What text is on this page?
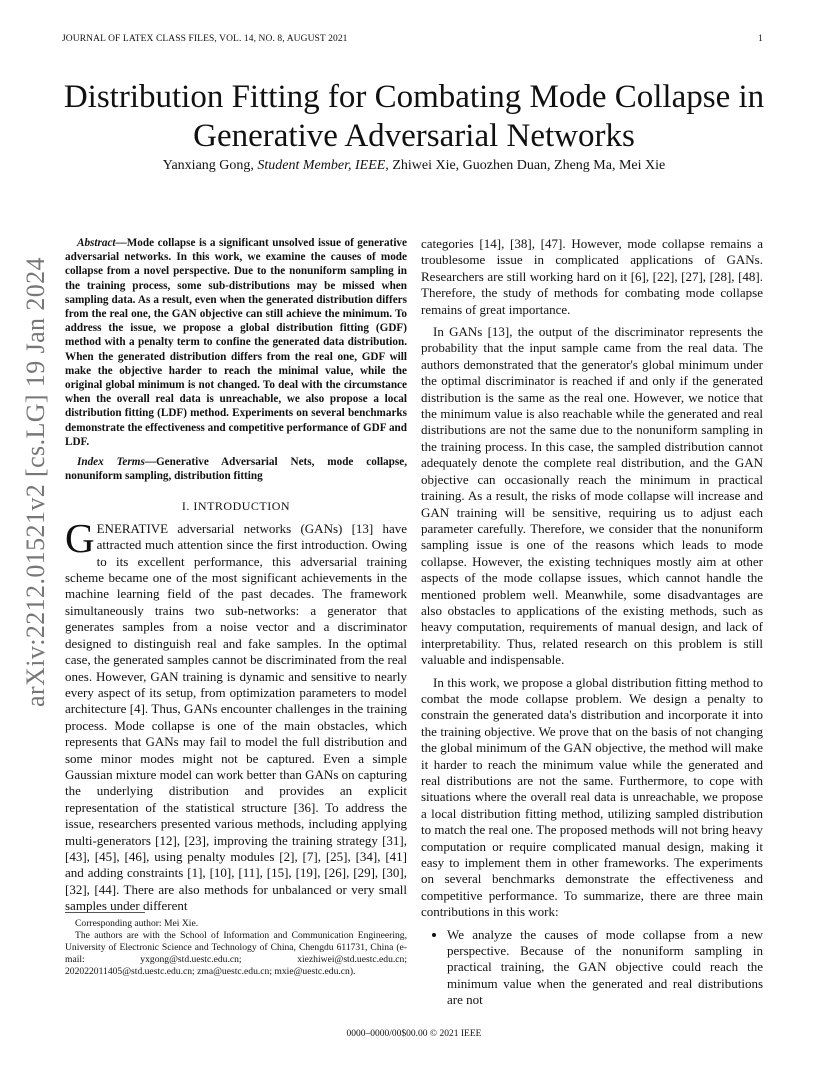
JOURNAL OF LATEX CLASS FILES, VOL. 14, NO. 8, AUGUST 2021	1
Distribution Fitting for Combating Mode Collapse in Generative Adversarial Networks
Yanxiang Gong, Student Member, IEEE, Zhiwei Xie, Guozhen Duan, Zheng Ma, Mei Xie
arXiv:2212.01521v2 [cs.LG] 19 Jan 2024

Abstract—Mode collapse is a significant unsolved issue of generative adversarial networks. In this work, we examine the causes of mode collapse from a novel perspective. Due to the nonuniform sampling in the training process, some sub-distributions may be missed when sampling data. As a result, even when the generated distribution differs from the real one, the GAN objective can still achieve the minimum. To address the issue, we propose a global distribution fitting (GDF) method with a penalty term to confine the generated data distribution. When the generated distribution differs from the real one, GDF will make the objective harder to reach the minimal value, while the original global minimum is not changed. To deal with the circumstance when the overall real data is unreachable, we also propose a local distribution fitting (LDF) method. Experiments on several benchmarks demonstrate the effectiveness and competitive performance of GDF and LDF.

Index Terms—Generative Adversarial Nets, mode collapse, nonuniform sampling, distribution fitting

I. INTRODUCTION

GENERATIVE adversarial networks (GANs) [13] have attracted much attention since the first introduction. Owing to its excellent performance, this adversarial training scheme became one of the most significant achievements in the machine learning field of the past decades. The framework simultaneously trains two sub-networks: a generator that generates samples from a noise vector and a discriminator designed to distinguish real and fake samples. In the optimal case, the generated samples cannot be discriminated from the real ones. However, GAN training is dynamic and sensitive to nearly every aspect of its setup, from optimization parameters to model architecture [4]. Thus, GANs encounter challenges in the training process. Mode collapse is one of the main obstacles, which represents that GANs may fail to model the full distribution and some minor modes might not be captured. Even a simple Gaussian mixture model can work better than GANs on capturing the underlying distribution and provides an explicit representation of the statistical structure [36]. To address the issue, researchers presented various methods, including applying multi-generators [12], [23], improving the training strategy [31], [43], [45], [46], using penalty modules [2], [7], [25], [34], [41] and adding constraints [1], [10], [11], [15], [19], [26], [29], [30], [32], [44]. There are also methods for unbalanced or very small samples under different

Corresponding author: Mei Xie.

The authors are with the School of Information and Communication Engineering, University of Electronic Science and Technology of China, Chengdu 611731, China (e-mail: yxgong@std.uestc.edu.cn; xiezhiwei@std.uestc.edu.cn; 202022011405@std.uestc.edu.cn; zma@uestc.edu.cn; mxie@uestc.edu.cn).

categories [14], [38], [47]. However, mode collapse remains a troublesome issue in complicated applications of GANs. Researchers are still working hard on it [6], [22], [27], [28], [48]. Therefore, the study of methods for combating mode collapse remains of great importance.

In GANs [13], the output of the discriminator represents the probability that the input sample came from the real data. The authors demonstrated that the generator's global minimum under the optimal discriminator is reached if and only if the generated distribution is the same as the real one. However, we notice that the minimum value is also reachable while the generated and real distributions are not the same due to the nonuniform sampling in the training process. In this case, the sampled distribution cannot adequately denote the complete real distribution, and the GAN objective can occasionally reach the minimum in practical training. As a result, the risks of mode collapse will increase and GAN training will be sensitive, requiring us to adjust each parameter carefully. Therefore, we consider that the nonuniform sampling issue is one of the reasons which leads to mode collapse. However, the existing techniques mostly aim at other aspects of the mode collapse issues, which cannot handle the mentioned problem well. Meanwhile, some disadvantages are also obstacles to applications of the existing methods, such as heavy computation, requirements of manual design, and lack of interpretability. Thus, related research on this problem is still valuable and indispensable.

In this work, we propose a global distribution fitting method to combat the mode collapse problem. We design a penalty to constrain the generated data's distribution and incorporate it into the training objective. We prove that on the basis of not changing the global minimum of the GAN objective, the method will make it harder to reach the minimum value while the generated and real distributions are not the same. Furthermore, to cope with situations where the overall real data is unreachable, we propose a local distribution fitting method, utilizing sampled distribution to match the real one. The proposed methods will not bring heavy computation or require complicated manual design, making it easy to implement them in other frameworks. The experiments on several benchmarks demonstrate the effectiveness and competitive performance. To summarize, there are three main contributions in this work:

• We analyze the causes of mode collapse from a new perspective. Because of the nonuniform sampling in practical training, the GAN objective could reach the minimum value when the generated and real distributions are not
0000–0000/00$00.00 © 2021 IEEE
